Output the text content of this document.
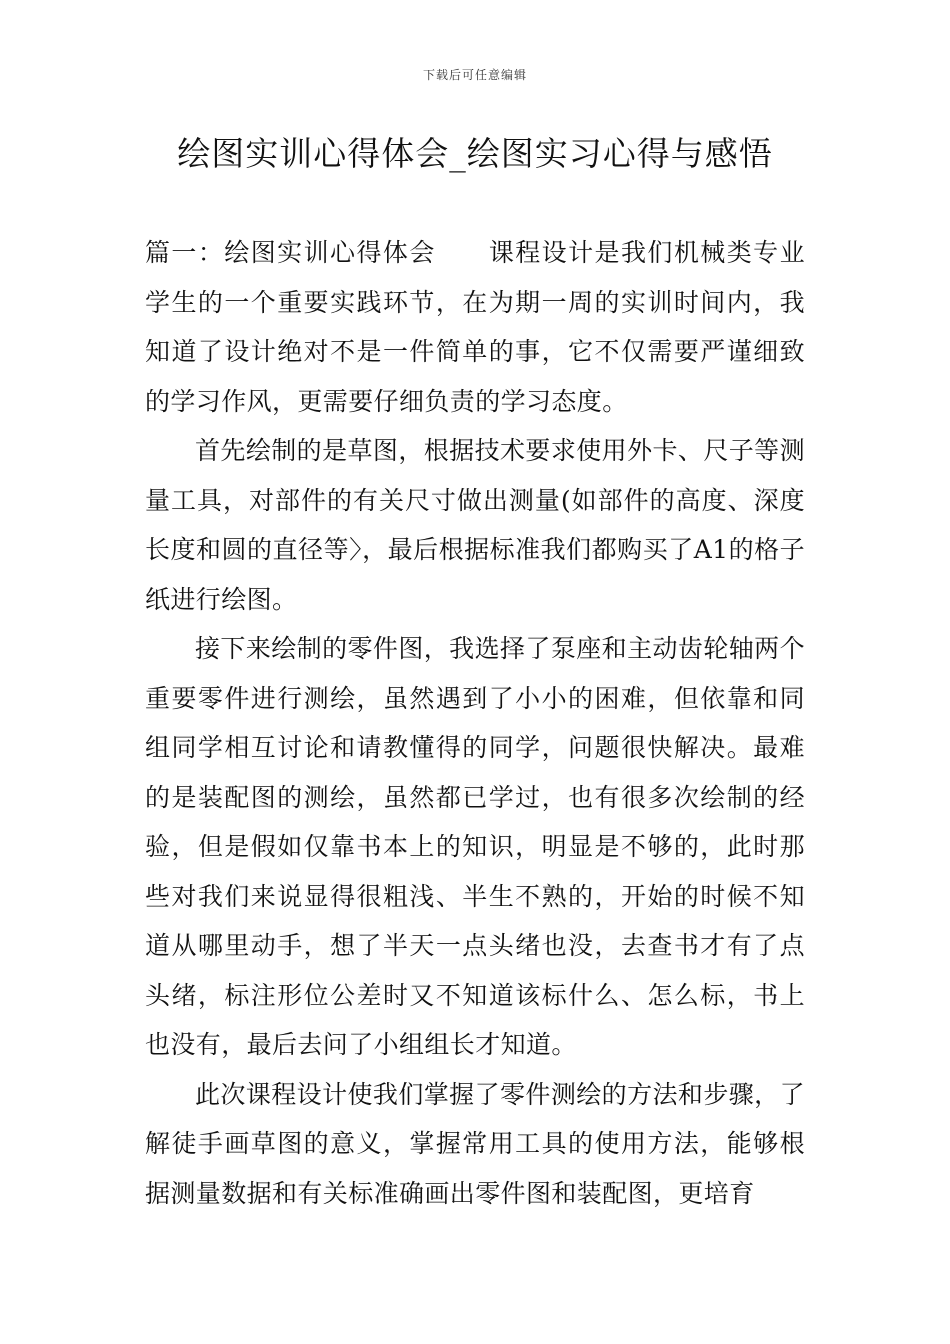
下载后可任意编辑
绘图实训心得体会_绘图实习心得与感悟

篇一：绘图实训心得体会 课程设计是我们机械类专业学生的一个重要实践环节，在为期一周的实训时间内，我知道了设计绝对不是一件简单的事，它不仅需要严谨细致的学习作风，更需要仔细负责的学习态度。

首先绘制的是草图，根据技术要求使用外卡、尺子等测量工具，对部件的有关尺寸做出测量(如部件的高度、深度长度和圆的直径等〉，最后根据标准我们都购买了A1的格子纸进行绘图。

接下来绘制的零件图，我选择了泵座和主动齿轮轴两个重要零件进行测绘，虽然遇到了小小的困难，但依靠和同组同学相互讨论和请教懂得的同学，问题很快解决。最难的是装配图的测绘，虽然都已学过，也有很多次绘制的经验，但是假如仅靠书本上的知识，明显是不够的，此时那些对我们来说显得很粗浅、半生不熟的，开始的时候不知道从哪里动手，想了半天一点头绪也没，去查书才有了点头绪，标注形位公差时又不知道该标什么、怎么标，书上也没有，最后去问了小组组长才知道。

此次课程设计使我们掌握了零件测绘的方法和步骤，了解徒手画草图的意义，掌握常用工具的使用方法，能够根据测量数据和有关标准确画出零件图和装配图，更培育
